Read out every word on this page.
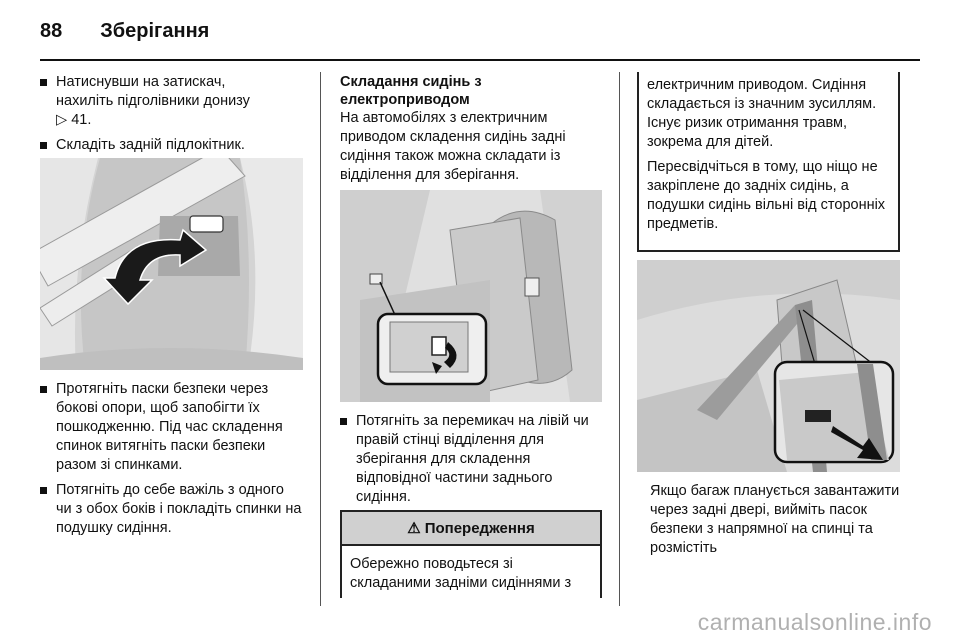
88 Зберігання
Натиснувши на затискач,
нахиліть підголівники донизу
▷ 41.
Складіть задній підлокітник.
Протягніть паски безпеки через бокові опори, щоб запобігти їх пошкодженню. Під час складення спинок витягніть паски безпеки разом зі спинками.
Потягніть до себе важіль з одного чи з обох боків і покладіть спинки на подушку сидіння.
Складання сидінь з
електроприводом

На автомобілях з електричним приводом складення сидінь задні сидіння також можна складати із відділення для зберігання.

Потягніть за перемикач на лівій чи правій стінці відділення для зберігання для складення відповідної частини заднього сидіння.
⚠ Попередження
Обережно поводьтеся зі складаними задніми сидіннями з

електричним приводом. Сидіння складається із значним зусиллям. Існує ризик отримання травм, зокрема для дітей.

Пересвідчіться в тому, що ніщо не закріплене до задніх сидінь, а подушки сидінь вільні від сторонніх предметів.

Якщо багаж планується завантажити через задні двері, вийміть пасок безпеки з напрямної на спинці та розмістіть

carmanualsonline.info
